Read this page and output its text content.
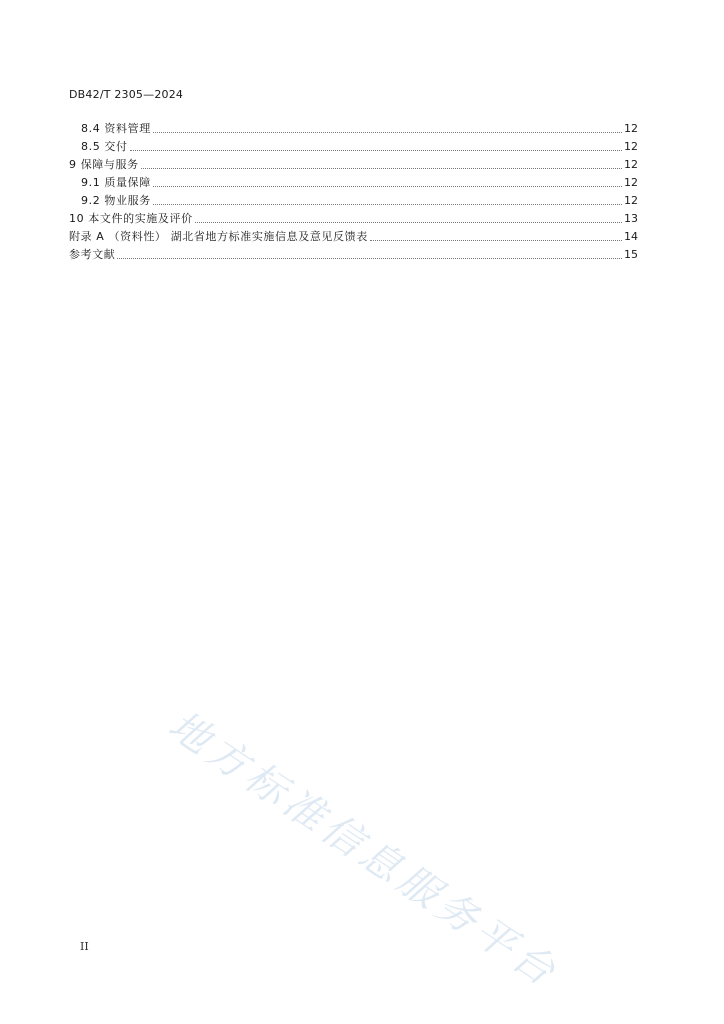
DB42/T 2305—2024
8.4 资料管理	12
8.5 交付	12
9 保障与服务	12
9.1 质量保障	12
9.2 物业服务	12
10 本文件的实施及评价	13
附录 A （资料性） 湖北省地方标准实施信息及意见反馈表	14
参考文献	15
地方标准信息服务平台
II
